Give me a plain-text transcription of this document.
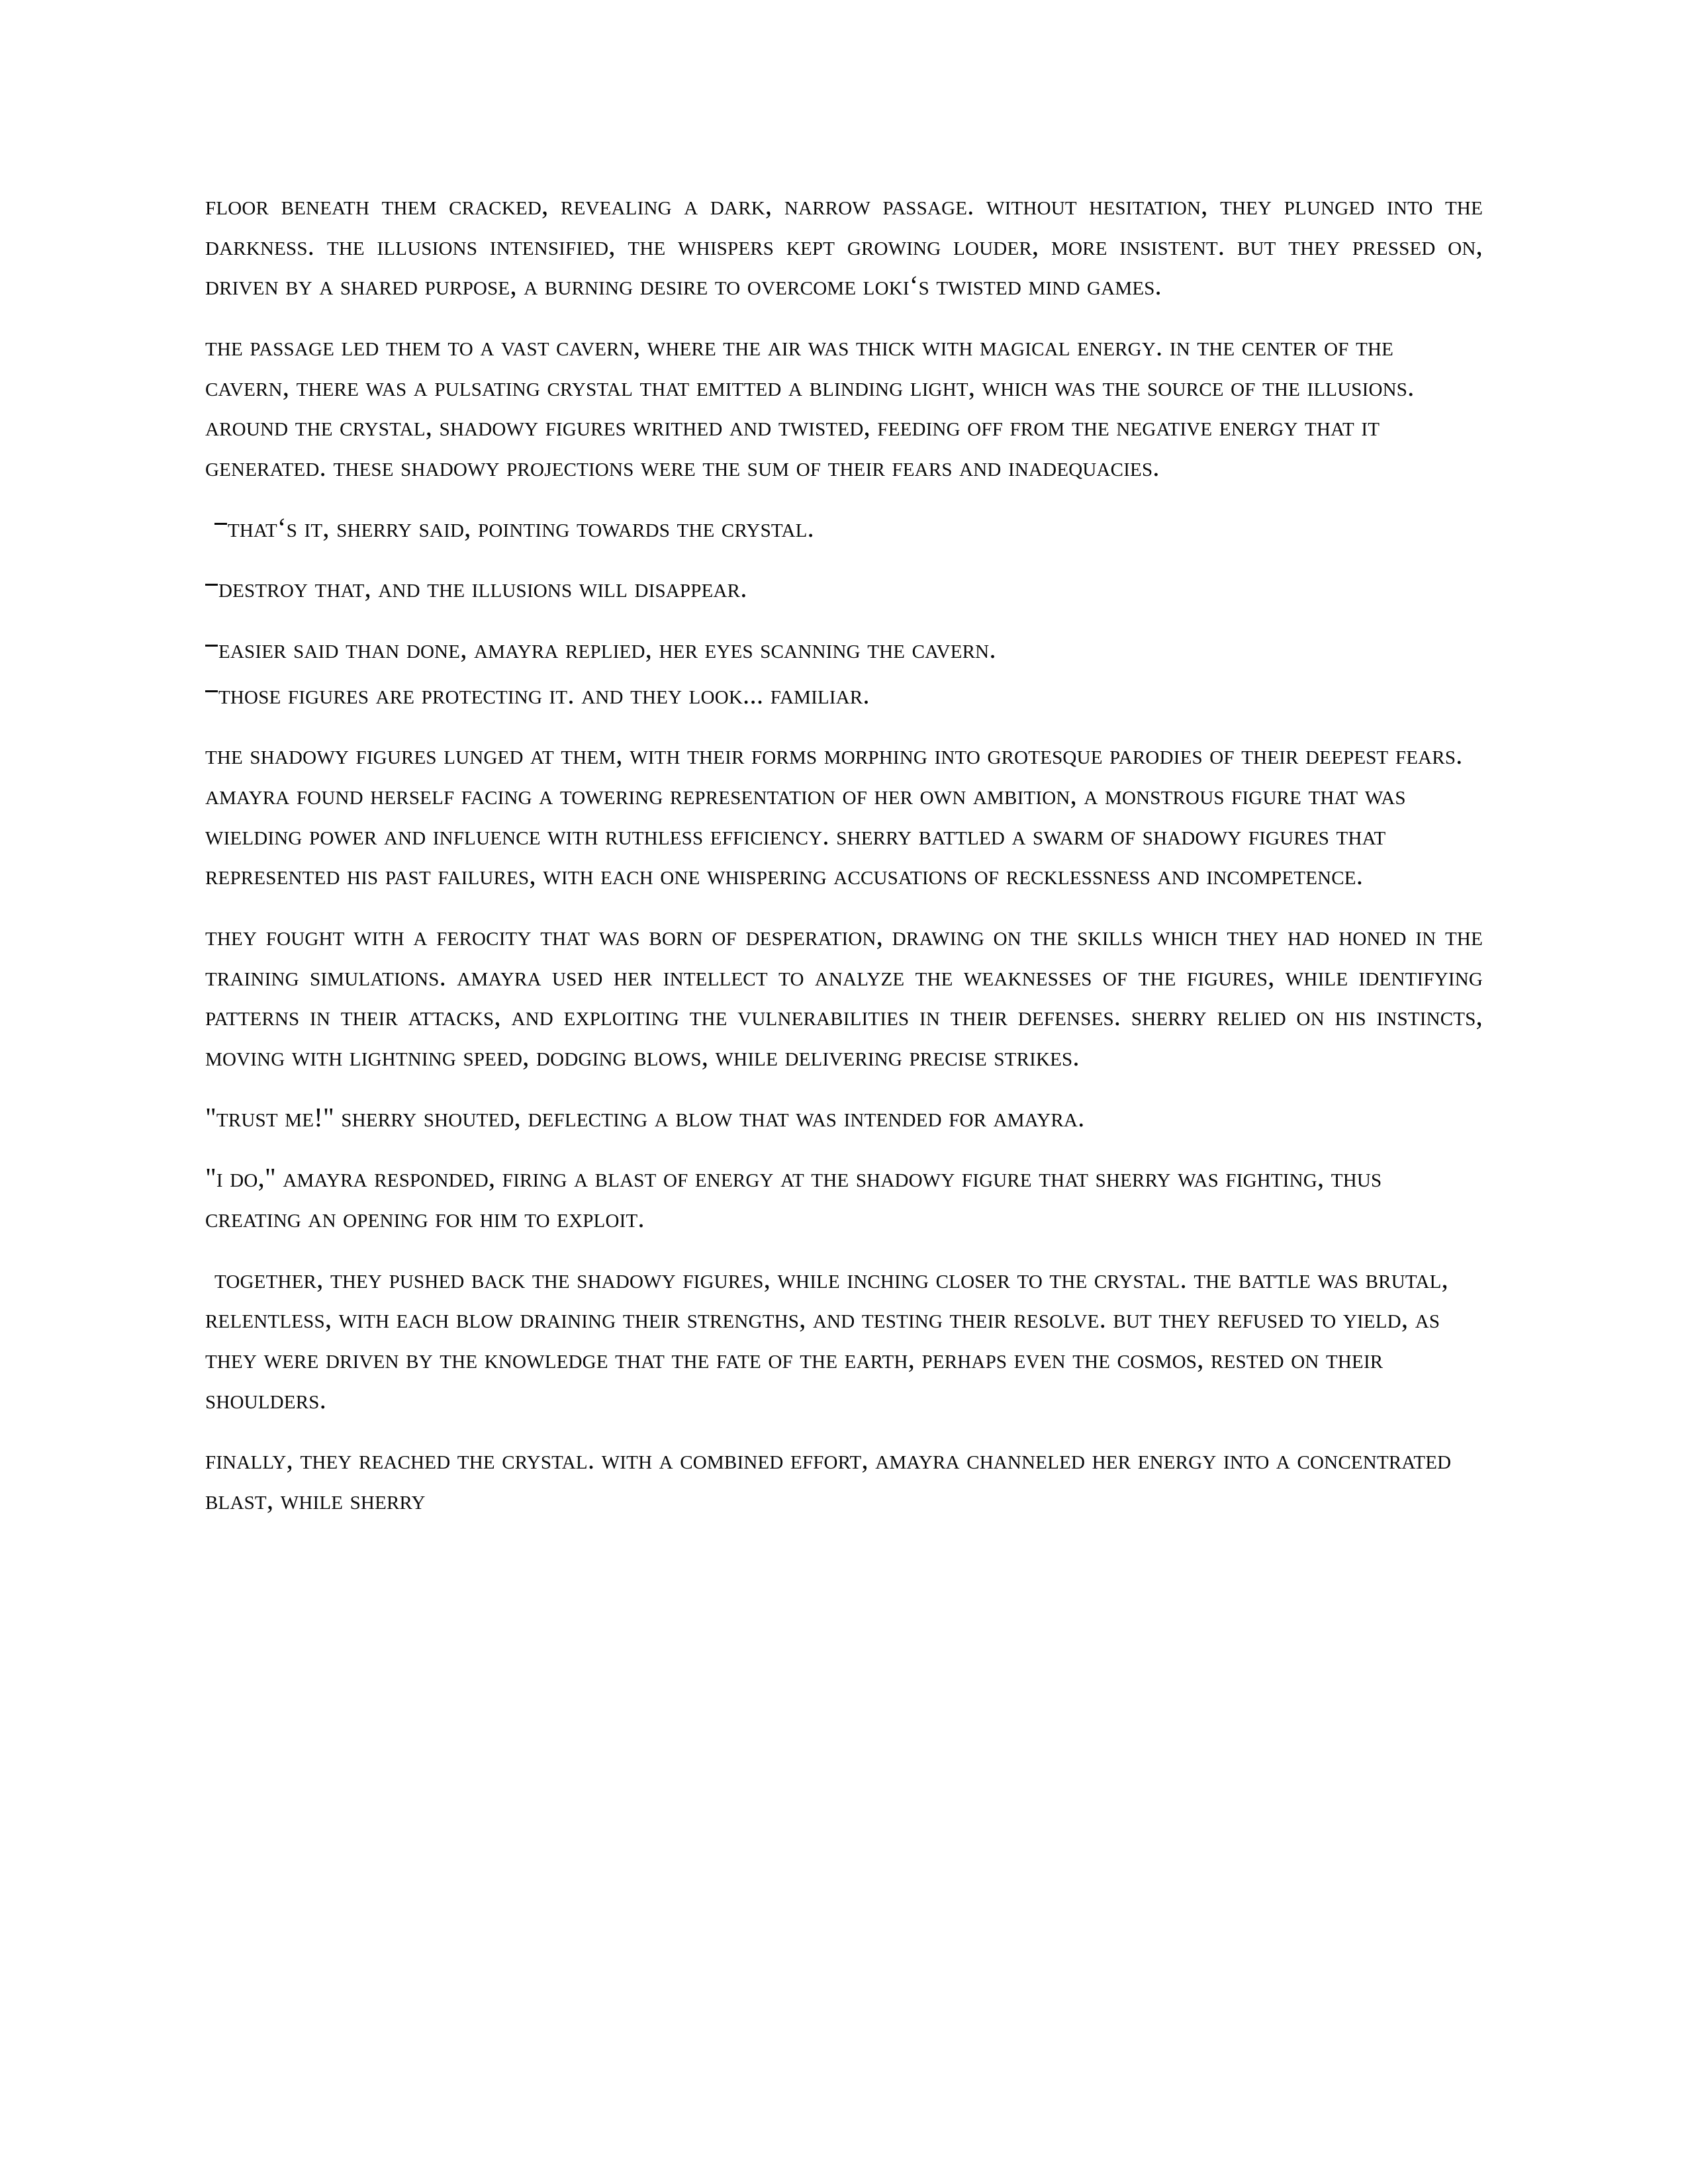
floor beneath them cracked, revealing a dark, narrow passage. without hesitation, they plunged into the darkness. the illusions intensified, the whispers kept growing louder, more insistent. but they pressed on, driven by a shared purpose, a burning desire to overcome loki‘s twisted mind games.

the passage led them to a vast cavern, where the air was thick with magical energy. in the center of the cavern, there was a pulsating crystal that emitted a blinding light, which was the source of the illusions. around the crystal, shadowy figures writhed and twisted, feeding off from the negative energy that it generated. these shadowy projections were the sum of their fears and inadequacies.

that‘s it, sherry said, pointing towards the crystal.

destroy that, and the illusions will disappear.

easier said than done, amayra replied, her eyes scanning the cavern.

those figures are protecting it. and they look... familiar.

the shadowy figures lunged at them, with their forms morphing into grotesque parodies of their deepest fears. amayra found herself facing a towering representation of her own ambition, a monstrous figure that was wielding power and influence with ruthless efficiency. sherry battled a swarm of shadowy figures that represented his past failures, with each one whispering accusations of recklessness and incompetence.

they fought with a ferocity that was born of desperation, drawing on the skills which they had honed in the training simulations. amayra used her intellect to analyze the weaknesses of the figures, while identifying patterns in their attacks, and exploiting the vulnerabilities in their defenses. sherry relied on his instincts, moving with lightning speed, dodging blows, while delivering precise strikes.

"trust me!" sherry shouted, deflecting a blow that was intended for amayra.

"i do," amayra responded, firing a blast of energy at the shadowy figure that sherry was fighting, thus creating an opening for him to exploit.

together, they pushed back the shadowy figures, while inching closer to the crystal. the battle was brutal, relentless, with each blow draining their strengths, and testing their resolve. but they refused to yield, as they were driven by the knowledge that the fate of the earth, perhaps even the cosmos, rested on their shoulders.

finally, they reached the crystal. with a combined effort, amayra channeled her energy into a concentrated blast, while sherry
